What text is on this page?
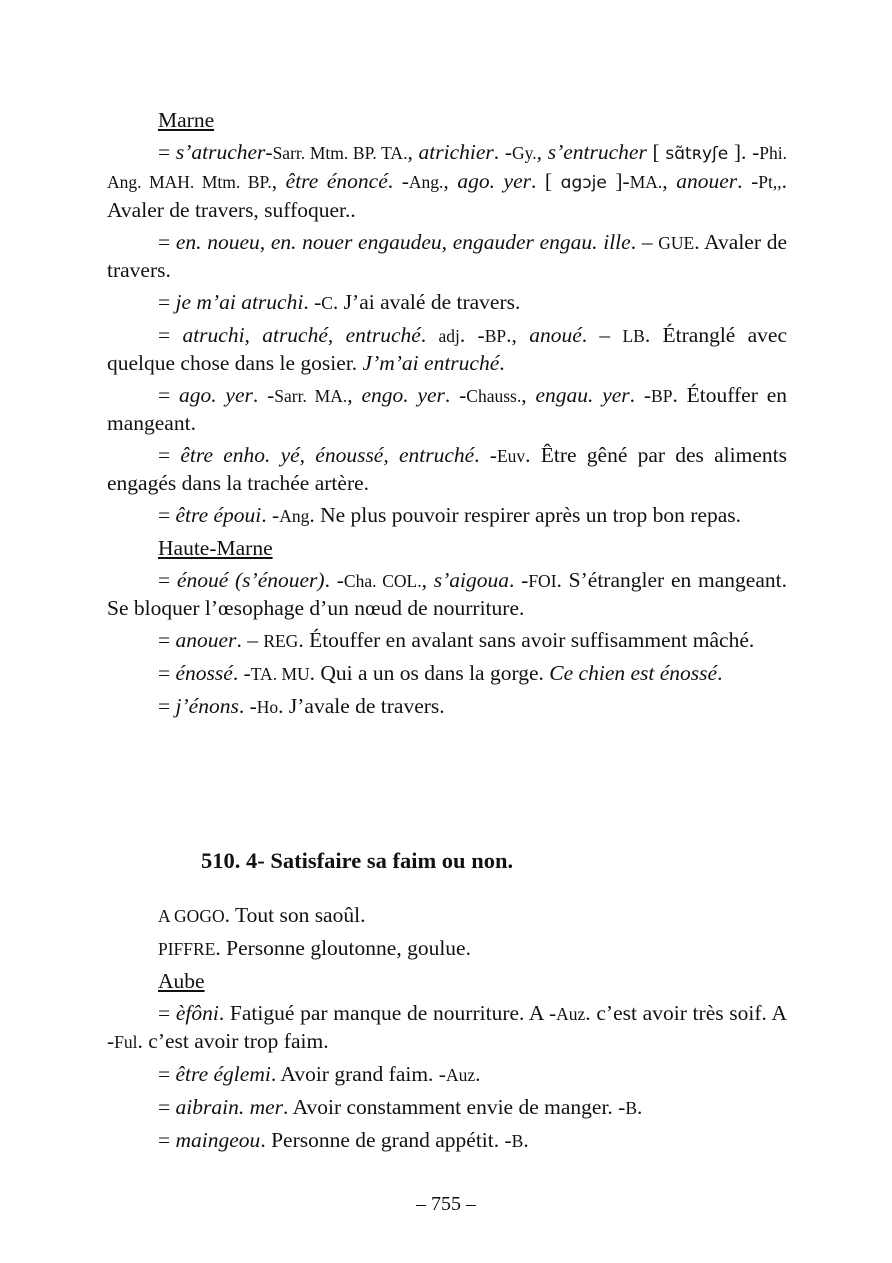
Marne

= s’atrucher-Sarr. Mtm. BP. TA., atrichier. -Gy., s’entrucher [ sɑ̃tʀyʃe ]. -Phi. Ang. MAH. Mtm. BP., être énoncé. -Ang., ago. yer. [ ɑgɔje ]-MA., anouer. -Pt,,. Avaler de travers, suffoquer..

= en. noueu, en. nouer engaudeu, engauder engau. ille. – GUE. Avaler de travers.

= je m’ai atruchi. -C. J’ai avalé de travers.

= atruchi, atruché, entruché. adj. -BP., anoué. – LB. Étranglé avec quelque chose dans le gosier. J’m’ai entruché.

= ago. yer. -Sarr. MA., engo. yer. -Chauss., engau. yer. -BP. Étouffer en mangeant.

= être enho. yé, énoussé, entruché. -Euv. Être gêné par des aliments engagés dans la trachée artère.

= être époui. -Ang. Ne plus pouvoir respirer après un trop bon repas.

Haute-Marne

= énoué (s’énouer). -Cha. COL., s’aigoua. -FOI. S’étrangler en mangeant. Se bloquer l’œsophage d’un nœud de nourriture.

= anouer. – REG. Étouffer en avalant sans avoir suffisamment mâché.

= énossé. -TA. MU. Qui a un os dans la gorge. Ce chien est énossé.

= j’énons. -Ho. J’avale de travers.

510. 4- Satisfaire sa faim ou non.

A GOGO. Tout son saoûl.

PIFFRE. Personne gloutonne, goulue.

Aube

= èfôni. Fatigué par manque de nourriture. A -Auz. c’est avoir très soif. A -Ful. c’est avoir trop faim.

= être églemi. Avoir grand faim. -Auz.

= aibrain. mer. Avoir constamment envie de manger. -B.

= maingeou. Personne de grand appétit. -B.

– 755 –
